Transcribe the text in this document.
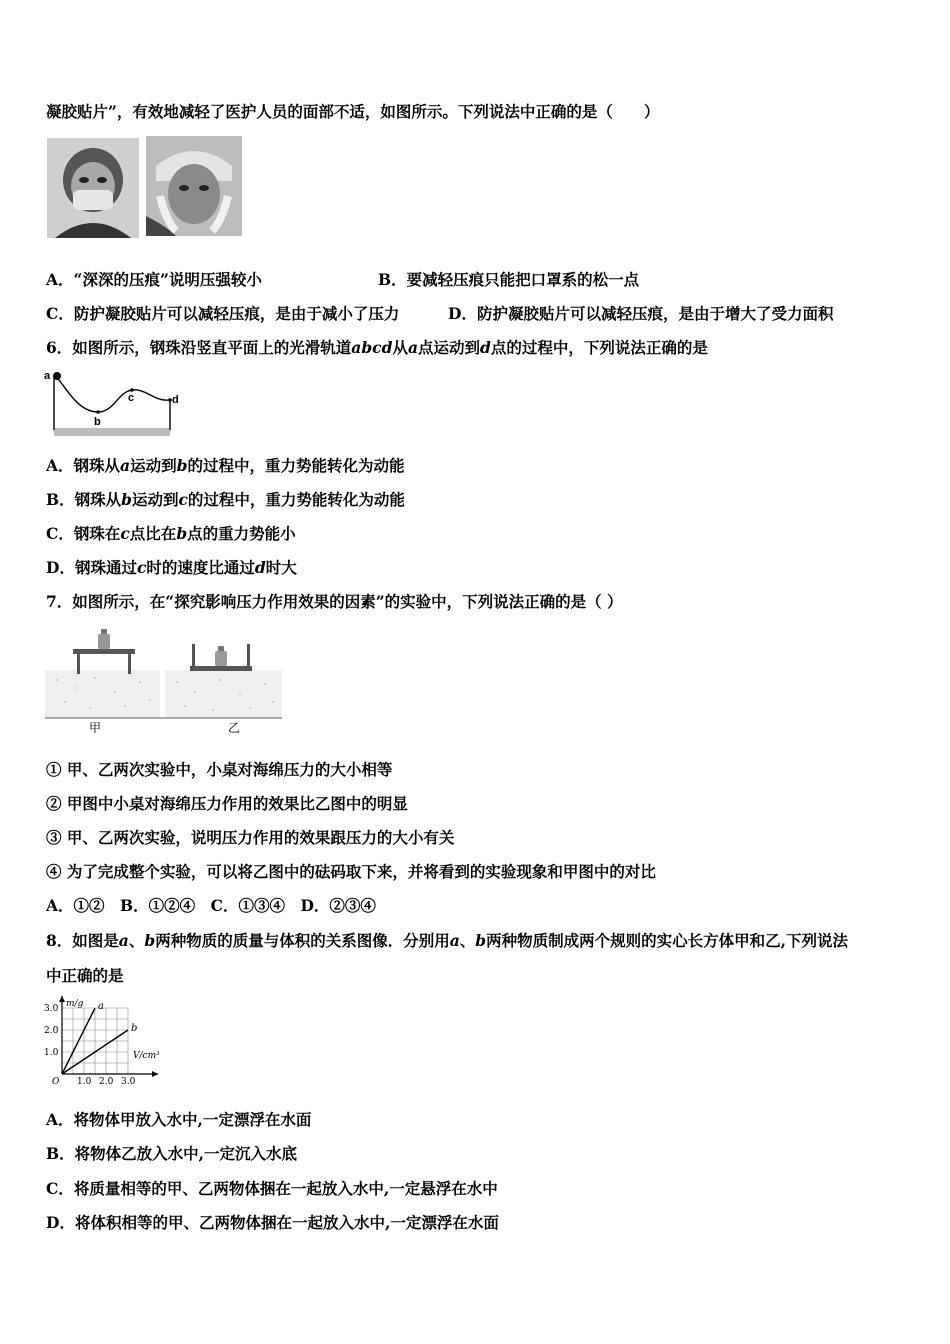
凝胶贴片”，有效地减轻了医护人员的面部不适，如图所示。下列说法中正确的是（　　）
A．“深深的压痕”说明压强较小	B．要减轻压痕只能把口罩系的松一点
C．防护凝胶贴片可以减轻压痕，是由于减小了压力	D．防护凝胶贴片可以减轻压痕，是由于增大了受力面积
6．如图所示，钢珠沿竖直平面上的光滑轨道abcd从a点运动到d点的过程中，下列说法正确的是
a
b
c	d
A．钢珠从a运动到b的过程中，重力势能转化为动能
B．钢珠从b运动到c的过程中，重力势能转化为动能
C．钢珠在c点比在b点的重力势能小
D．钢珠通过c时的速度比通过d时大
7．如图所示，在“探究影响压力作用效果的因素”的实验中，下列说法正确的是（ ）
甲	乙
① 甲、乙两次实验中，小桌对海绵压力的大小相等
② 甲图中小桌对海绵压力作用的效果比乙图中的明显
③ 甲、乙两次实验，说明压力作用的效果跟压力的大小有关
④ 为了完成整个实验，可以将乙图中的砝码取下来，并将看到的实验现象和甲图中的对比
A．①②　B．①②④　C．①③④　D．②③④
8．如图是a、b两种物质的质量与体积的关系图像．分别用a、b两种物质制成两个规则的实心长方体甲和乙,下列说法
中正确的是
1.0 2.0 3.0
1.0
2.0
3.0
O
m/g
V/cm³
a
b
A．将物体甲放入水中,一定漂浮在水面
B．将物体乙放入水中,一定沉入水底
C．将质量相等的甲、乙两物体捆在一起放入水中,一定悬浮在水中
D．将体积相等的甲、乙两物体捆在一起放入水中,一定漂浮在水面
